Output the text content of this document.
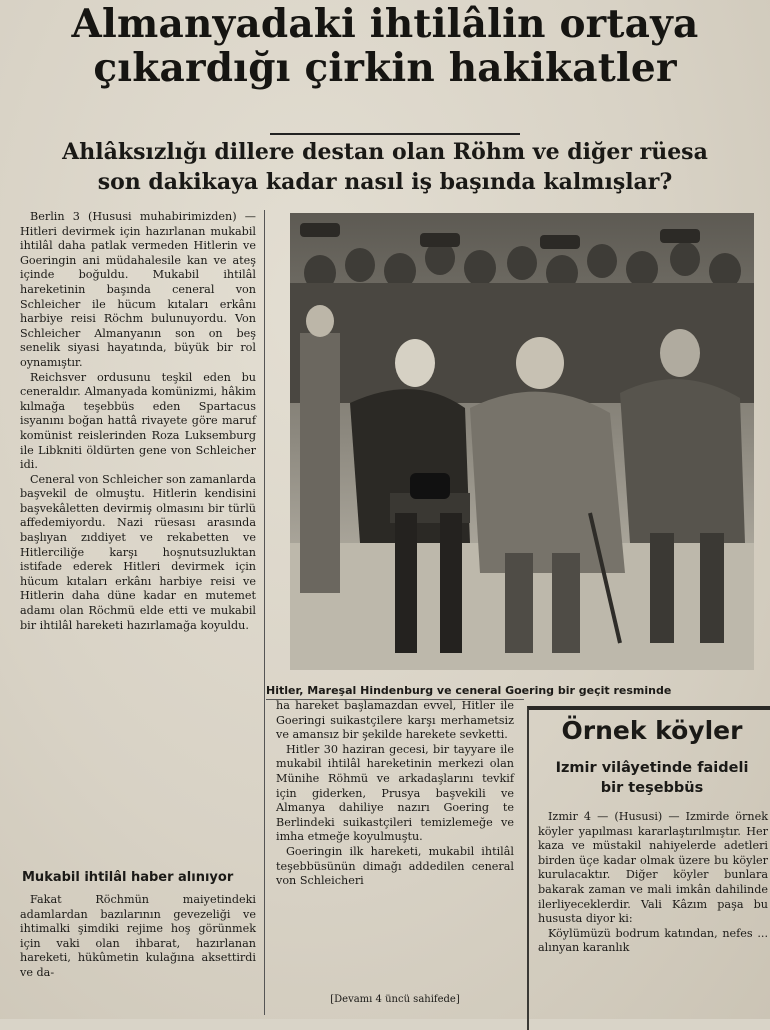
Almanyadaki ihtilâlin ortaya
çıkardığı çirkin hakikatler
Ahlâksızlığı dillere destan olan Röhm ve diğer rüesa
son dakikaya kadar nasıl iş başında kalmışlar?

Berlin 3 (Hususi muhabirimizden) — Hitleri devirmek için hazırlanan mukabil ihtilâl daha patlak vermeden Hitlerin ve Goeringin ani müdahalesile kan ve ateş içinde boğuldu. Mukabil ihtilâl hareketinin başında ceneral von Schleicher ile hücum kıtaları erkânı harbiye reisi Röchm bulunuyordu. Von Schleicher Almanyanın son on beş senelik siyasi hayatında, büyük bir rol oynamıştır.

Reichsver ordusunu teşkil eden bu ceneraldır. Almanyada komünizmi, hâkim kılmağa teşebbüs eden Spartacus isyanını boğan hattâ rivayete göre maruf komünist reislerinden Roza Luksemburg ile Libkniti öldürten gene von Schleicher idi.

Ceneral von Schleicher son zamanlarda başvekil de olmuştu. Hitlerin kendisini başvekâletten devirmiş olmasını bir türlü affedemiyordu. Nazi rüesası arasında başlıyan zıddiyet ve rekabetten ve Hitlerciliğe karşı hoşnutsuzluktan istifade ederek Hitleri devirmek için hücum kıtaları erkânı harbiye reisi ve Hitlerin daha düne kadar en mutemet adamı olan Röchmü elde etti ve mukabil bir ihtilâl hareketi hazırlamağa koyuldu.

Mukabil ihtilâl haber alınıyor

Fakat Röchmün maiyetindeki adamlardan bazılarının gevezeliği ve ihtimalki şimdiki rejime hoş görünmek için vaki olan ihbarat, hazırlanan hareketi, hükûmetin kulağına aksettirdi ve da-

Hitler, Mareşal Hindenburg ve ceneral Goering bir geçit resminde

ha hareket başlamazdan evvel, Hitler ile Goeringi suikastçilere karşı merhametsiz ve amansız bir şekilde harekete sevketti.

Hitler 30 haziran gecesi, bir tayyare ile mukabil ihtilâl hareketinin merkezi olan Münihe Röhmü ve arkadaşlarını tevkif için giderken, Prusya başvekili ve Almanya dahiliye nazırı Goering te Berlindeki suikastçileri temizlemeğe ve imha etmeğe koyulmuştu.

Goeringin ilk hareketi, mukabil ihtilâl teşebbüsünün dimağı addedilen ceneral von Schleicheri

[Devamı 4 üncü sahifede]

Örnek köyler
Izmir vilâyetinde faideli
bir teşebbüs

Izmir 4 — (Hususi) — Izmirde örnek köyler yapılması kararlaştırılmıştır. Her kaza ve müstakil nahiyelerde adetleri birden üçe kadar olmak üzere bu köyler kurulacaktır. Diğer köyler bunlara bakarak zaman ve mali imkân dahilinde ilerliyeceklerdir. Vali Kâzım paşa bu hususta diyor ki:

Köylümüzü bodrum katından, nefes ... alınyan karanlık
